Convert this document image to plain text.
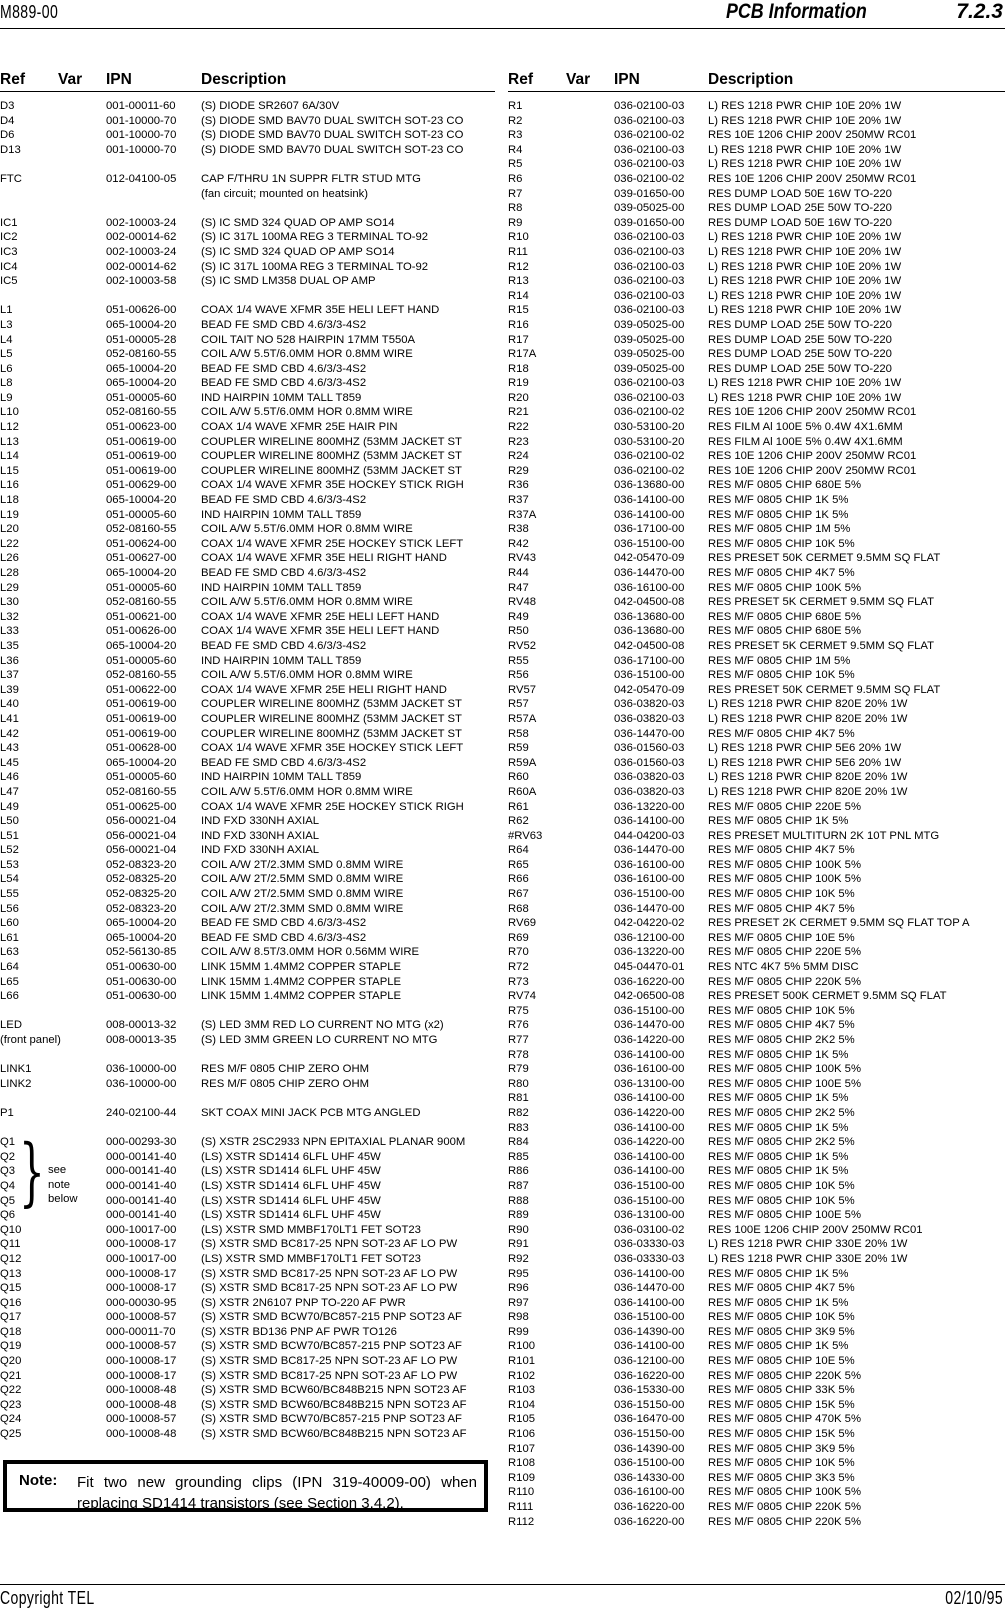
M889-00	PCB Information	7.2.3
Ref Var IPN	Description	Ref Var IPN	Description
D3	001-00011-60 (S) DIODE SR2607 6A/30V
D4	001-10000-70 (S) DIODE SMD BAV70 DUAL SWITCH SOT-23 CO
D6	001-10000-70 (S) DIODE SMD BAV70 DUAL SWITCH SOT-23 CO
D13	001-10000-70 (S) DIODE SMD BAV70 DUAL SWITCH SOT-23 CO
FTC	012-04100-05 CAP F/THRU 1N SUPPR FLTR STUD MTG
(fan circuit; mounted on heatsink)
IC1	002-10003-24 (S) IC SMD 324 QUAD OP AMP SO14
IC2	002-00014-62 (S) IC 317L 100MA REG 3 TERMINAL TO-92
IC3	002-10003-24 (S) IC SMD 324 QUAD OP AMP SO14
IC4	002-00014-62 (S) IC 317L 100MA REG 3 TERMINAL TO-92
IC5	002-10003-58 (S) IC SMD LM358 DUAL OP AMP
L1	051-00626-00 COAX 1/4 WAVE XFMR 35E HELI LEFT HAND
L3	065-10004-20 BEAD FE SMD CBD 4.6/3/3-4S2
L4	051-00005-28 COIL TAIT NO 528 HAIRPIN 17MM T550A
L5	052-08160-55 COIL A/W 5.5T/6.0MM HOR 0.8MM WIRE
L6	065-10004-20 BEAD FE SMD CBD 4.6/3/3-4S2
L8	065-10004-20 BEAD FE SMD CBD 4.6/3/3-4S2
L9	051-00005-60 IND HAIRPIN 10MM TALL T859
L10	052-08160-55 COIL A/W 5.5T/6.0MM HOR 0.8MM WIRE
L12	051-00623-00 COAX 1/4 WAVE XFMR 25E HAIR PIN
L13	051-00619-00 COUPLER WIRELINE 800MHZ (53MM JACKET ST
L14	051-00619-00 COUPLER WIRELINE 800MHZ (53MM JACKET ST
L15	051-00619-00 COUPLER WIRELINE 800MHZ (53MM JACKET ST
L16	051-00629-00 COAX 1/4 WAVE XFMR 35E HOCKEY STICK RIGH
L18	065-10004-20 BEAD FE SMD CBD 4.6/3/3-4S2
L19	051-00005-60 IND HAIRPIN 10MM TALL T859
L20	052-08160-55 COIL A/W 5.5T/6.0MM HOR 0.8MM WIRE
L22	051-00624-00 COAX 1/4 WAVE XFMR 25E HOCKEY STICK LEFT
L26	051-00627-00 COAX 1/4 WAVE XFMR 35E HELI RIGHT HAND
L28	065-10004-20 BEAD FE SMD CBD 4.6/3/3-4S2
L29	051-00005-60 IND HAIRPIN 10MM TALL T859
L30	052-08160-55 COIL A/W 5.5T/6.0MM HOR 0.8MM WIRE
L32	051-00621-00 COAX 1/4 WAVE XFMR 25E HELI LEFT HAND
L33	051-00626-00 COAX 1/4 WAVE XFMR 35E HELI LEFT HAND
L35	065-10004-20 BEAD FE SMD CBD 4.6/3/3-4S2
L36	051-00005-60 IND HAIRPIN 10MM TALL T859
L37	052-08160-55 COIL A/W 5.5T/6.0MM HOR 0.8MM WIRE
L39	051-00622-00 COAX 1/4 WAVE XFMR 25E HELI RIGHT HAND
L40	051-00619-00 COUPLER WIRELINE 800MHZ (53MM JACKET ST
L41	051-00619-00 COUPLER WIRELINE 800MHZ (53MM JACKET ST
L42	051-00619-00 COUPLER WIRELINE 800MHZ (53MM JACKET ST
L43	051-00628-00 COAX 1/4 WAVE XFMR 35E HOCKEY STICK LEFT
L45	065-10004-20 BEAD FE SMD CBD 4.6/3/3-4S2
L46	051-00005-60 IND HAIRPIN 10MM TALL T859
L47	052-08160-55 COIL A/W 5.5T/6.0MM HOR 0.8MM WIRE
L49	051-00625-00 COAX 1/4 WAVE XFMR 25E HOCKEY STICK RIGH
L50	056-00021-04 IND FXD 330NH AXIAL
L51	056-00021-04 IND FXD 330NH AXIAL
L52	056-00021-04 IND FXD 330NH AXIAL
L53	052-08323-20 COIL A/W 2T/2.3MM SMD 0.8MM WIRE
L54	052-08325-20 COIL A/W 2T/2.5MM SMD 0.8MM WIRE
L55	052-08325-20 COIL A/W 2T/2.5MM SMD 0.8MM WIRE
L56	052-08323-20 COIL A/W 2T/2.3MM SMD 0.8MM WIRE
L60	065-10004-20 BEAD FE SMD CBD 4.6/3/3-4S2
L61	065-10004-20 BEAD FE SMD CBD 4.6/3/3-4S2
L63	052-56130-85 COIL A/W 8.5T/3.0MM HOR 0.56MM WIRE
L64	051-00630-00 LINK 15MM 1.4MM2 COPPER STAPLE
L65	051-00630-00 LINK 15MM 1.4MM2 COPPER STAPLE
L66	051-00630-00 LINK 15MM 1.4MM2 COPPER STAPLE
LED	008-00013-32 (S) LED 3MM RED LO CURRENT NO MTG (x2)
(front panel)	008-00013-35 (S) LED 3MM GREEN LO CURRENT NO MTG
LINK1	036-10000-00 RES M/F 0805 CHIP ZERO OHM
LINK2	036-10000-00 RES M/F 0805 CHIP ZERO OHM
P1	240-02100-44 SKT COAX MINI JACK PCB MTG ANGLED
Q1	000-00293-30 (S) XSTR 2SC2933 NPN EPITAXIAL PLANAR 900M
Q2	000-00141-40 (LS) XSTR SD1414 6LFL UHF 45W
Q3	000-00141-40 (LS) XSTR SD1414 6LFL UHF 45W
Q4	000-00141-40 (LS) XSTR SD1414 6LFL UHF 45W
Q5	000-00141-40 (LS) XSTR SD1414 6LFL UHF 45W
Q6	000-00141-40 (LS) XSTR SD1414 6LFL UHF 45W
Q10	000-10017-00 (LS) XSTR SMD MMBF170LT1 FET SOT23
Q11	000-10008-17 (S) XSTR SMD BC817-25 NPN SOT-23 AF LO PW
Q12	000-10017-00 (LS) XSTR SMD MMBF170LT1 FET SOT23
Q13	000-10008-17 (S) XSTR SMD BC817-25 NPN SOT-23 AF LO PW
Q15	000-10008-17 (S) XSTR SMD BC817-25 NPN SOT-23 AF LO PW
Q16	000-00030-95 (S) XSTR 2N6107 PNP TO-220 AF PWR
Q17	000-10008-57 (S) XSTR SMD BCW70/BC857-215 PNP SOT23 AF
Q18	000-00011-70 (S) XSTR BD136 PNP AF PWR TO126
Q19	000-10008-57 (S) XSTR SMD BCW70/BC857-215 PNP SOT23 AF
Q20	000-10008-17 (S) XSTR SMD BC817-25 NPN SOT-23 AF LO PW
Q21	000-10008-17 (S) XSTR SMD BC817-25 NPN SOT-23 AF LO PW
Q22	000-10008-48 (S) XSTR SMD BCW60/BC848B215 NPN SOT23 AF
Q23	000-10008-48 (S) XSTR SMD BCW60/BC848B215 NPN SOT23 AF
Q24	000-10008-57 (S) XSTR SMD BCW70/BC857-215 PNP SOT23 AF
Q25	000-10008-48 (S) XSTR SMD BCW60/BC848B215 NPN SOT23 AF
R1	036-02100-03 L) RES 1218 PWR CHIP 10E 20% 1W
R2	036-02100-03 L) RES 1218 PWR CHIP 10E 20% 1W
R3	036-02100-02 RES 10E 1206 CHIP 200V 250MW RC01
R4	036-02100-03 L) RES 1218 PWR CHIP 10E 20% 1W
R5	036-02100-03 L) RES 1218 PWR CHIP 10E 20% 1W
R6	036-02100-02 RES 10E 1206 CHIP 200V 250MW RC01
R7	039-01650-00 RES DUMP LOAD 50E 16W TO-220
R8	039-05025-00 RES DUMP LOAD 25E 50W TO-220
R9	039-01650-00 RES DUMP LOAD 50E 16W TO-220
R10	036-02100-03 L) RES 1218 PWR CHIP 10E 20% 1W
R11	036-02100-03 L) RES 1218 PWR CHIP 10E 20% 1W
R12	036-02100-03 L) RES 1218 PWR CHIP 10E 20% 1W
R13	036-02100-03 L) RES 1218 PWR CHIP 10E 20% 1W
R14	036-02100-03 L) RES 1218 PWR CHIP 10E 20% 1W
R15	036-02100-03 L) RES 1218 PWR CHIP 10E 20% 1W
R16	039-05025-00 RES DUMP LOAD 25E 50W TO-220
R17	039-05025-00 RES DUMP LOAD 25E 50W TO-220
R17A	039-05025-00 RES DUMP LOAD 25E 50W TO-220
R18	039-05025-00 RES DUMP LOAD 25E 50W TO-220
R19	036-02100-03 L) RES 1218 PWR CHIP 10E 20% 1W
R20	036-02100-03 L) RES 1218 PWR CHIP 10E 20% 1W
R21	036-02100-02 RES 10E 1206 CHIP 200V 250MW RC01
R22	030-53100-20 RES FILM Al 100E 5% 0.4W 4X1.6MM
R23	030-53100-20 RES FILM Al 100E 5% 0.4W 4X1.6MM
R24	036-02100-02 RES 10E 1206 CHIP 200V 250MW RC01
R29	036-02100-02 RES 10E 1206 CHIP 200V 250MW RC01
R36	036-13680-00 RES M/F 0805 CHIP 680E 5%
R37	036-14100-00 RES M/F 0805 CHIP 1K 5%
R37A	036-14100-00 RES M/F 0805 CHIP 1K 5%
R38	036-17100-00 RES M/F 0805 CHIP 1M 5%
R42	036-15100-00 RES M/F 0805 CHIP 10K 5%
RV43	042-05470-09 RES PRESET 50K CERMET 9.5MM SQ FLAT
R44	036-14470-00 RES M/F 0805 CHIP 4K7 5%
R47	036-16100-00 RES M/F 0805 CHIP 100K 5%
RV48	042-04500-08 RES PRESET 5K CERMET 9.5MM SQ FLAT
R49	036-13680-00 RES M/F 0805 CHIP 680E 5%
R50	036-13680-00 RES M/F 0805 CHIP 680E 5%
RV52	042-04500-08 RES PRESET 5K CERMET 9.5MM SQ FLAT
R55	036-17100-00 RES M/F 0805 CHIP 1M 5%
R56	036-15100-00 RES M/F 0805 CHIP 10K 5%
RV57	042-05470-09 RES PRESET 50K CERMET 9.5MM SQ FLAT
R57	036-03820-03 L) RES 1218 PWR CHIP 820E 20% 1W
R57A	036-03820-03 L) RES 1218 PWR CHIP 820E 20% 1W
R58	036-14470-00 RES M/F 0805 CHIP 4K7 5%
R59	036-01560-03 L) RES 1218 PWR CHIP 5E6 20% 1W
R59A	036-01560-03 L) RES 1218 PWR CHIP 5E6 20% 1W
R60	036-03820-03 L) RES 1218 PWR CHIP 820E 20% 1W
R60A	036-03820-03 L) RES 1218 PWR CHIP 820E 20% 1W
R61	036-13220-00 RES M/F 0805 CHIP 220E 5%
R62	036-14100-00 RES M/F 0805 CHIP 1K 5%
#RV63	044-04200-03 RES PRESET MULTITURN 2K 10T PNL MTG
R64	036-14470-00 RES M/F 0805 CHIP 4K7 5%
R65	036-16100-00 RES M/F 0805 CHIP 100K 5%
R66	036-16100-00 RES M/F 0805 CHIP 100K 5%
R67	036-15100-00 RES M/F 0805 CHIP 10K 5%
R68	036-14470-00 RES M/F 0805 CHIP 4K7 5%
RV69	042-04220-02 RES PRESET 2K CERMET 9.5MM SQ FLAT TOP A
R69	036-12100-00 RES M/F 0805 CHIP 10E 5%
R70	036-13220-00 RES M/F 0805 CHIP 220E 5%
R72	045-04470-01 RES NTC 4K7 5% 5MM DISC
R73	036-16220-00 RES M/F 0805 CHIP 220K 5%
RV74	042-06500-08 RES PRESET 500K CERMET 9.5MM SQ FLAT
R75	036-15100-00 RES M/F 0805 CHIP 10K 5%
R76	036-14470-00 RES M/F 0805 CHIP 4K7 5%
R77	036-14220-00 RES M/F 0805 CHIP 2K2 5%
R78	036-14100-00 RES M/F 0805 CHIP 1K 5%
R79	036-16100-00 RES M/F 0805 CHIP 100K 5%
R80	036-13100-00 RES M/F 0805 CHIP 100E 5%
R81	036-14100-00 RES M/F 0805 CHIP 1K 5%
R82	036-14220-00 RES M/F 0805 CHIP 2K2 5%
R83	036-14100-00 RES M/F 0805 CHIP 1K 5%
R84	036-14220-00 RES M/F 0805 CHIP 2K2 5%
R85	036-14100-00 RES M/F 0805 CHIP 1K 5%
R86	036-14100-00 RES M/F 0805 CHIP 1K 5%
R87	036-15100-00 RES M/F 0805 CHIP 10K 5%
R88	036-15100-00 RES M/F 0805 CHIP 10K 5%
R89	036-13100-00 RES M/F 0805 CHIP 100E 5%
R90	036-03100-02 RES 100E 1206 CHIP 200V 250MW RC01
R91	036-03330-03 L) RES 1218 PWR CHIP 330E 20% 1W
R92	036-03330-03 L) RES 1218 PWR CHIP 330E 20% 1W
R95	036-14100-00 RES M/F 0805 CHIP 1K 5%
R96	036-14470-00 RES M/F 0805 CHIP 4K7 5%
R97	036-14100-00 RES M/F 0805 CHIP 1K 5%
R98	036-15100-00 RES M/F 0805 CHIP 10K 5%
R99	036-14390-00 RES M/F 0805 CHIP 3K9 5%
R100	036-14100-00 RES M/F 0805 CHIP 1K 5%
R101	036-12100-00 RES M/F 0805 CHIP 10E 5%
R102	036-16220-00 RES M/F 0805 CHIP 220K 5%
R103	036-15330-00 RES M/F 0805 CHIP 33K 5%
R104	036-15150-00 RES M/F 0805 CHIP 15K 5%
R105	036-16470-00 RES M/F 0805 CHIP 470K 5%
R106	036-15150-00 RES M/F 0805 CHIP 15K 5%
R107	036-14390-00 RES M/F 0805 CHIP 3K9 5%
R108	036-15100-00 RES M/F 0805 CHIP 10K 5%
R109	036-14330-00 RES M/F 0805 CHIP 3K3 5%
R110	036-16100-00 RES M/F 0805 CHIP 100K 5%
R111	036-16220-00 RES M/F 0805 CHIP 220K 5%
R112	036-16220-00 RES M/F 0805 CHIP 220K 5%
} see
note
below
Note: Fit two new grounding clips (IPN 319-40009-00) when replacing SD1414 transistors (see Section 3.4.2).
Copyright TEL	02/10/95
